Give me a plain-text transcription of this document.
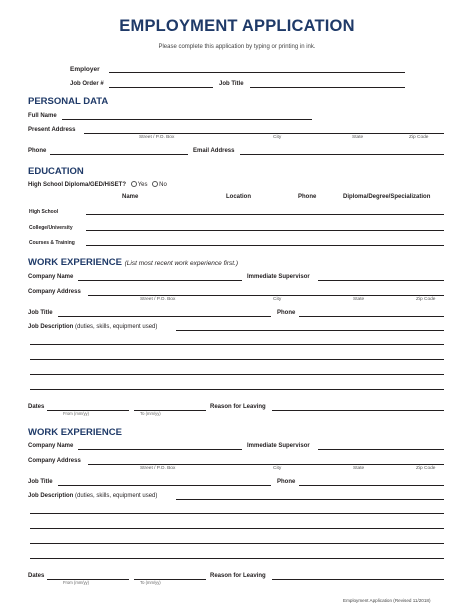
EMPLOYMENT APPLICATION
Please complete this application by typing or printing in ink.
Employer
Job Order #	Job Title
PERSONAL DATA
Full Name
Present Address
Street / P.O. Box	City	State	Zip Code
Phone	Email Address
EDUCATION
High School Diploma/GED/HiSET? Yes No
Name	Location	Phone	Diploma/Degree/Specialization
High School
College/University
Courses & Training
WORK EXPERIENCE (List most recent work experience first.)
Company Name	Immediate Supervisor
Company Address
Street / P.O. Box	City	State	Zip Code
Job Title	Phone
Job Description (duties, skills, equipment used)
Dates
From (mm/yy)	To (mm/yy)
Reason for Leaving
WORK EXPERIENCE
Company Name	Immediate Supervisor
Company Address
Street / P.O. Box	City	State	Zip Code
Job Title	Phone
Job Description (duties, skills, equipment used)
Dates
From (mm/yy)	To (mm/yy)
Reason for Leaving
Employment Application (Revised 11/2018)
